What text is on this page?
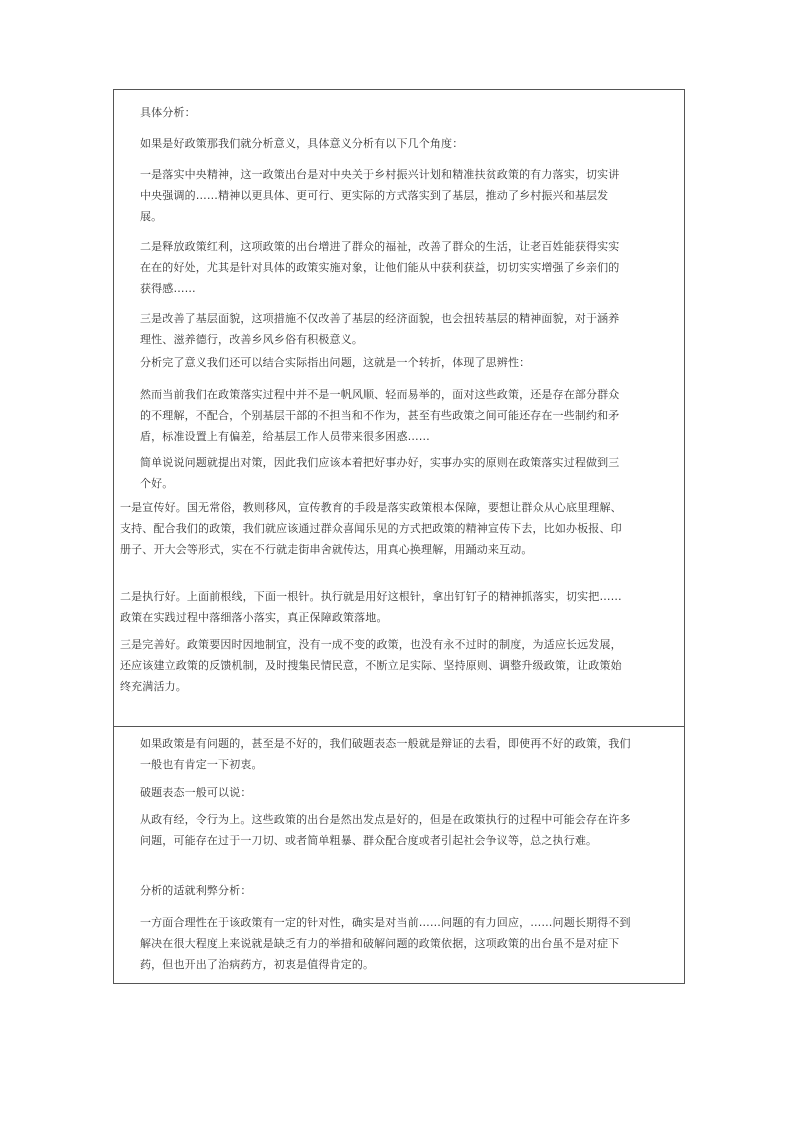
具体分析：

如果是好政策那我们就分析意义，具体意义分析有以下几个角度：

一是落实中央精神，这一政策出台是对中央关于乡村振兴计划和精准扶贫政策的有力落实，切实讲中央强调的……精神以更具体、更可行、更实际的方式落实到了基层，推动了乡村振兴和基层发展。

二是释放政策红利，这项政策的出台增进了群众的福祉，改善了群众的生活，让老百姓能获得实实在在的好处，尤其是针对具体的政策实施对象，让他们能从中获利获益，切切实实增强了乡亲们的获得感……

三是改善了基层面貌，这项措施不仅改善了基层的经济面貌，也会扭转基层的精神面貌，对于涵养理性、滋养德行，改善乡风乡俗有积极意义。

分析完了意义我们还可以结合实际指出问题，这就是一个转折，体现了思辨性：

然而当前我们在政策落实过程中并不是一帆风顺、轻而易举的，面对这些政策，还是存在部分群众的不理解，不配合，个别基层干部的不担当和不作为，甚至有些政策之间可能还存在一些制约和矛盾，标准设置上有偏差，给基层工作人员带来很多困惑……

简单说说问题就提出对策，因此我们应该本着把好事办好，实事办实的原则在政策落实过程做到三个好。

一是宣传好。国无常俗，教则移风，宣传教育的手段是落实政策根本保障，要想让群众从心底里理解、支持、配合我们的政策，我们就应该通过群众喜闻乐见的方式把政策的精神宣传下去，比如办板报、印册子、开大会等形式，实在不行就走街串舍就传达，用真心换理解，用踊动来互动。

二是执行好。上面前根线，下面一根针。执行就是用好这根针，拿出钉钉子的精神抓落实，切实把……政策在实践过程中落细落小落实，真正保障政策落地。

三是完善好。政策要因时因地制宜，没有一成不变的政策，也没有永不过时的制度，为适应长远发展，还应该建立政策的反馈机制，及时搜集民情民意，不断立足实际、坚持原则、调整升级政策，让政策始终充满活力。

如果政策是有问题的，甚至是不好的，我们破题表态一般就是辩证的去看，即使再不好的政策，我们一般也有肯定一下初衷。

破题表态一般可以说：

从政有经，令行为上。这些政策的出台是然出发点是好的，但是在政策执行的过程中可能会存在许多问题，可能存在过于一刀切、或者简单粗暴、群众配合度或者引起社会争议等，总之执行难。

分析的适就利弊分析：

一方面合理性在于该政策有一定的针对性，确实是对当前……问题的有力回应，……问题长期得不到解决在很大程度上来说就是缺乏有力的举措和破解问题的政策依据，这项政策的出台虽不是对症下药，但也开出了治病药方，初衷是值得肯定的。
